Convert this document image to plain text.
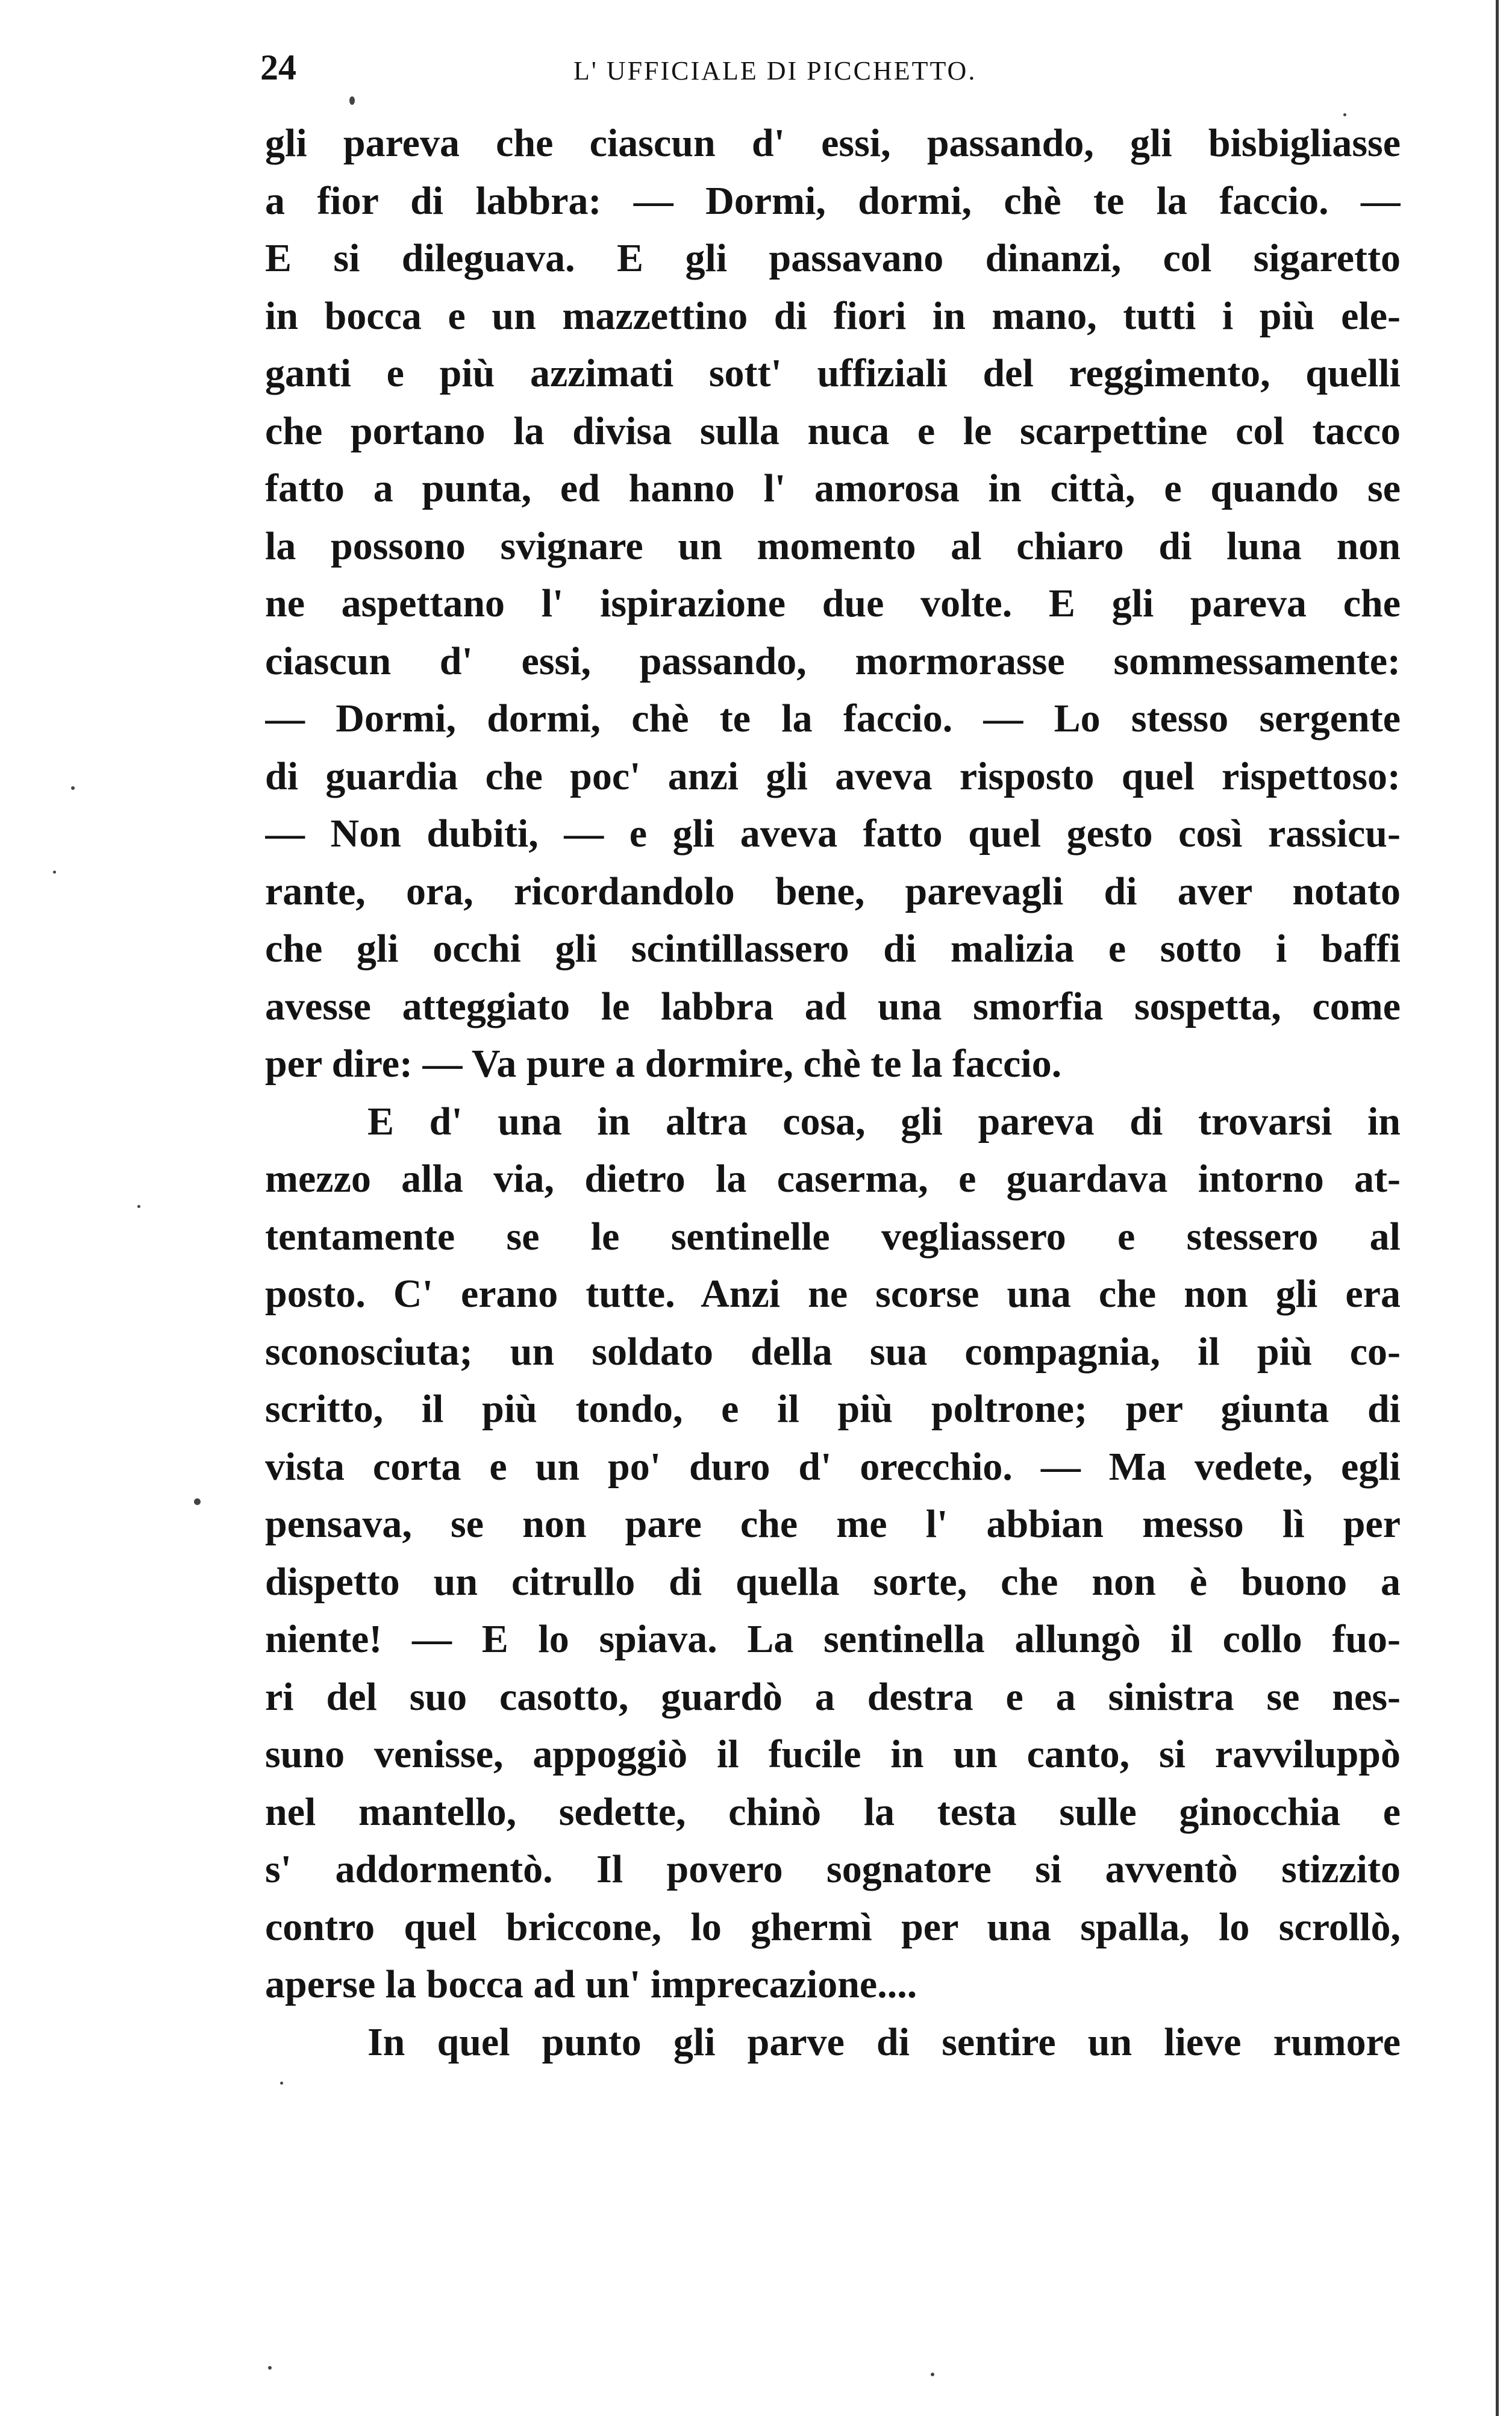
24	L' UFFICIALE DI PICCHETTO.
gli pareva che ciascun d' essi, passando, gli bisbigliasse
a fior di labbra: — Dormi, dormi, chè te la faccio. —
E si dileguava. E gli passavano dinanzi, col sigaretto
in bocca e un mazzettino di fiori in mano, tutti i più ele-
ganti e più azzimati sott' uffiziali del reggimento, quelli
che portano la divisa sulla nuca e le scarpettine col tacco
fatto a punta, ed hanno l' amorosa in città, e quando se
la possono svignare un momento al chiaro di luna non
ne aspettano l' ispirazione due volte. E gli pareva che
ciascun d' essi, passando, mormorasse sommessamente:
— Dormi, dormi, chè te la faccio. — Lo stesso sergente
di guardia che poc' anzi gli aveva risposto quel rispettoso:
— Non dubiti, — e gli aveva fatto quel gesto così rassicu-
rante, ora, ricordandolo bene, parevagli di aver notato
che gli occhi gli scintillassero di malizia e sotto i baffi
avesse atteggiato le labbra ad una smorfia sospetta, come
per dire: — Va pure a dormire, chè te la faccio.
E d' una in altra cosa, gli pareva di trovarsi in
mezzo alla via, dietro la caserma, e guardava intorno at-
tentamente se le sentinelle vegliassero e stessero al
posto. C' erano tutte. Anzi ne scorse una che non gli era
sconosciuta; un soldato della sua compagnia, il più co-
scritto, il più tondo, e il più poltrone; per giunta di
vista corta e un po' duro d' orecchio. — Ma vedete, egli
pensava, se non pare che me l' abbian messo lì per
dispetto un citrullo di quella sorte, che non è buono a
niente! — E lo spiava. La sentinella allungò il collo fuo-
ri del suo casotto, guardò a destra e a sinistra se nes-
suno venisse, appoggiò il fucile in un canto, si ravviluppò
nel mantello, sedette, chinò la testa sulle ginocchia e
s' addormentò. Il povero sognatore si avventò stizzito
contro quel briccone, lo ghermì per una spalla, lo scrollò,
aperse la bocca ad un' imprecazione....
In quel punto gli parve di sentire un lieve rumore
